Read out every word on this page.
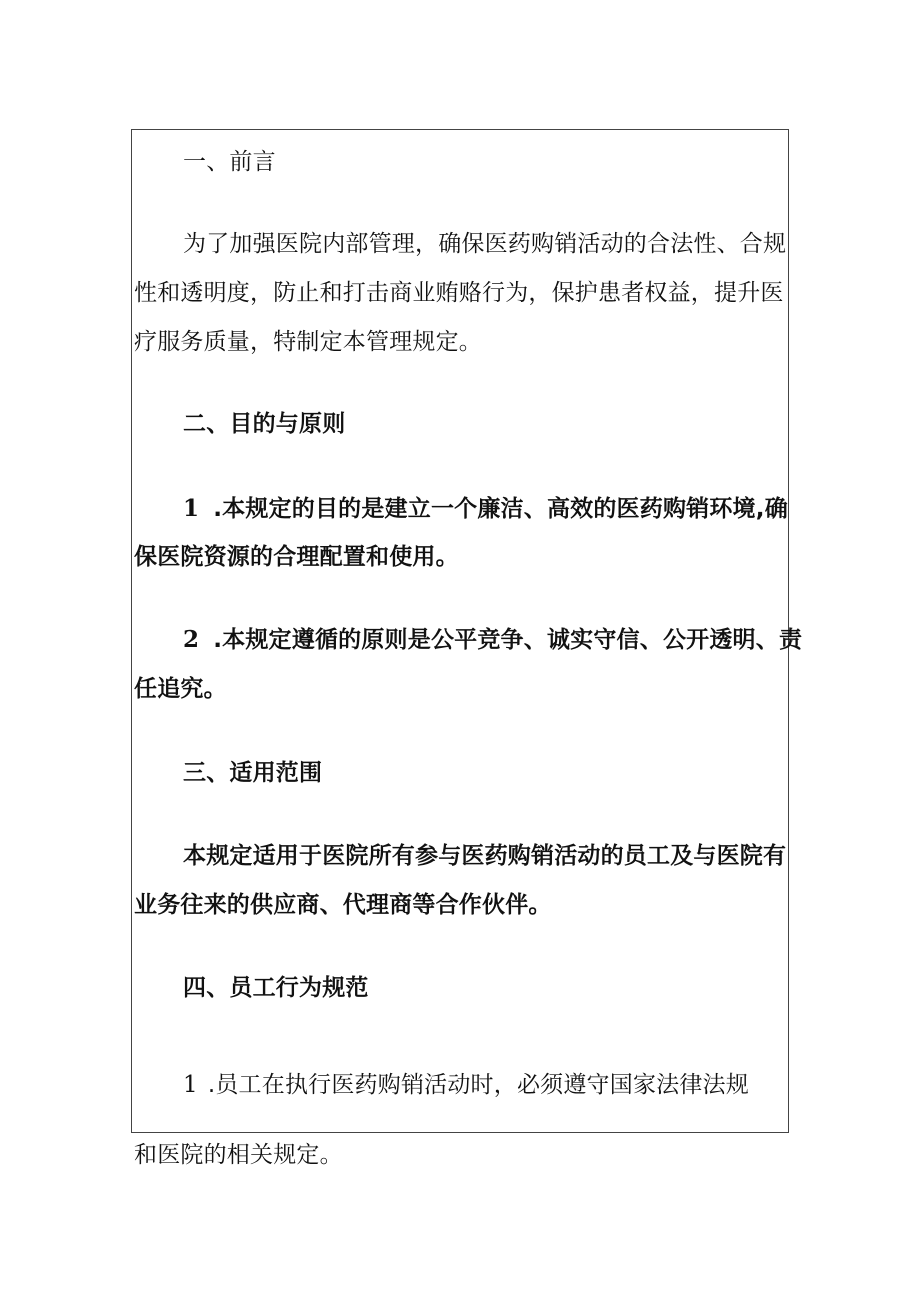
一、前言
为了加强医院内部管理，确保医药购销活动的合法性、合规
性和透明度，防止和打击商业贿赂行为，保护患者权益，提升医
疗服务质量，特制定本管理规定。
二、目的与原则
1 .本规定的目的是建立一个廉洁、高效的医药购销环境,确
保医院资源的合理配置和使用。
2 .本规定遵循的原则是公平竞争、诚实守信、公开透明、责
任追究。
三、适用范围
本规定适用于医院所有参与医药购销活动的员工及与医院有
业务往来的供应商、代理商等合作伙伴。
四、员工行为规范
1 .员工在执行医药购销活动时，必须遵守国家法律法规
和医院的相关规定。
